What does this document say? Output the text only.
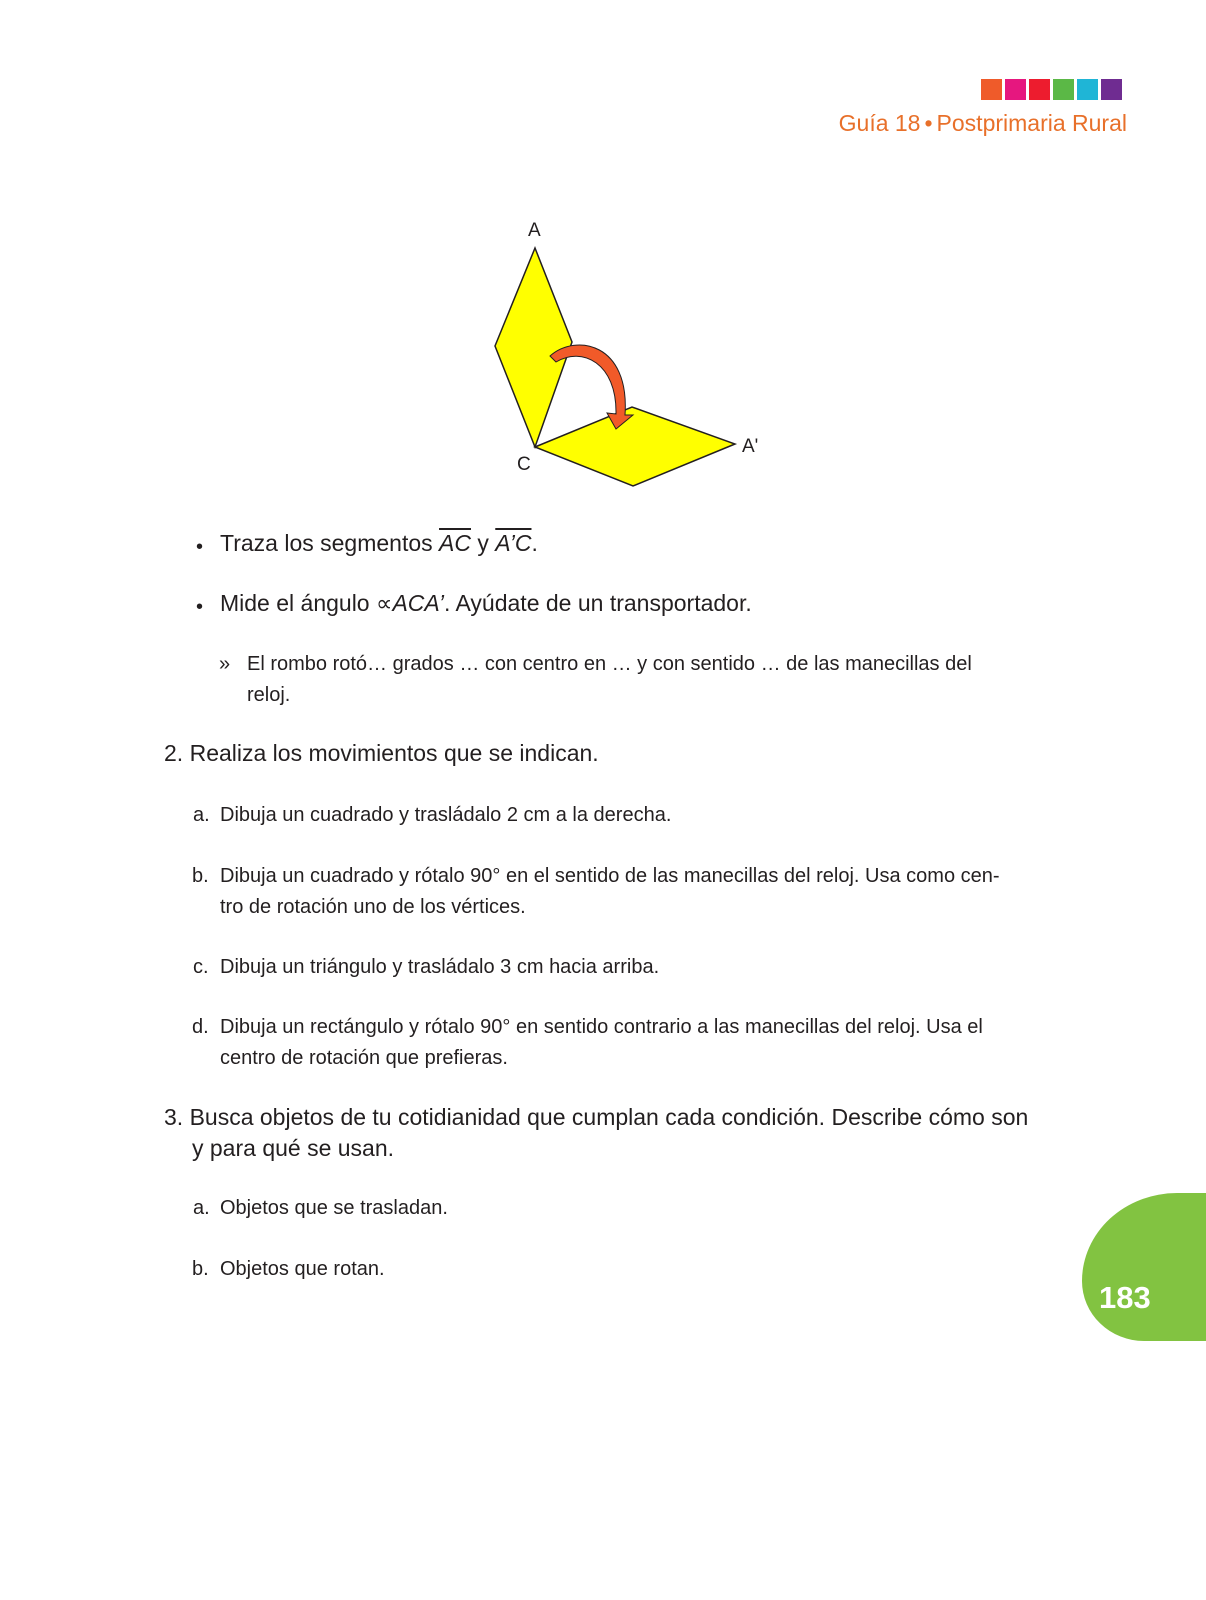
Guía 18 • Postprimaria Rural
A
C
A'
• Traza los segmentos $\overline{AC}$ y A’C.

• Mide el ángulo ∝ACA’. Ayúdate de un transportador.

» El rombo rotó… grados … con centro en … y con sentido … de las manecillas del

reloj.

2. Realiza los movimientos que se indican.

a. Dibuja un cuadrado y trasládalo 2 cm a la derecha.

b. Dibuja un cuadrado y rótalo 90° en el sentido de las manecillas del reloj. Usa como cen-

tro de rotación uno de los vértices.

c. Dibuja un triángulo y trasládalo 3 cm hacia arriba.

d. Dibuja un rectángulo y rótalo 90° en sentido contrario a las manecillas del reloj. Usa el

centro de rotación que prefieras.

3. Busca objetos de tu cotidianidad que cumplan cada condición. Describe cómo son

y para qué se usan.

a. Objetos que se trasladan.

b. Objetos que rotan.

183
